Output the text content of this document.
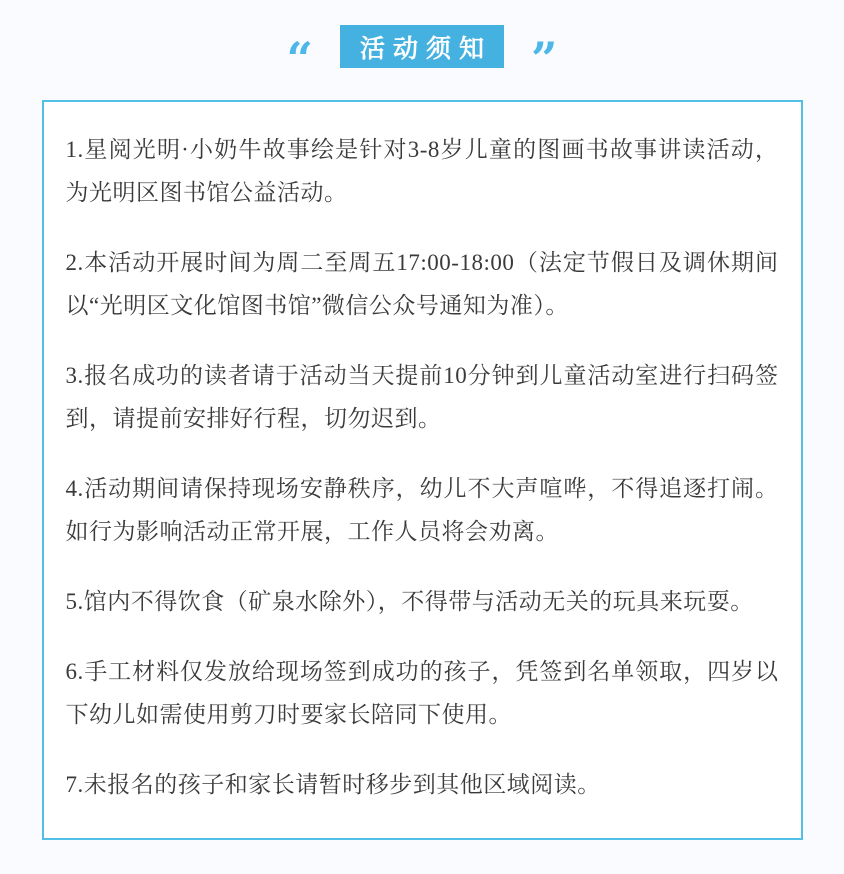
“ 活动须知 ”

1.星阅光明·小奶牛故事绘是针对3-8岁儿童的图画书故事讲读活动，为光明区图书馆公益活动。

2.本活动开展时间为周二至周五17:00-18:00（法定节假日及调休期间以“光明区文化馆图书馆”微信公众号通知为准）。

3.报名成功的读者请于活动当天提前10分钟到儿童活动室进行扫码签到，请提前安排好行程，切勿迟到。

4.活动期间请保持现场安静秩序，幼儿不大声喧哗，不得追逐打闹。如行为影响活动正常开展，工作人员将会劝离。

5.馆内不得饮食（矿泉水除外），不得带与活动无关的玩具来玩耍。

6.手工材料仅发放给现场签到成功的孩子，凭签到名单领取，四岁以下幼儿如需使用剪刀时要家长陪同下使用。

7.未报名的孩子和家长请暂时移步到其他区域阅读。
